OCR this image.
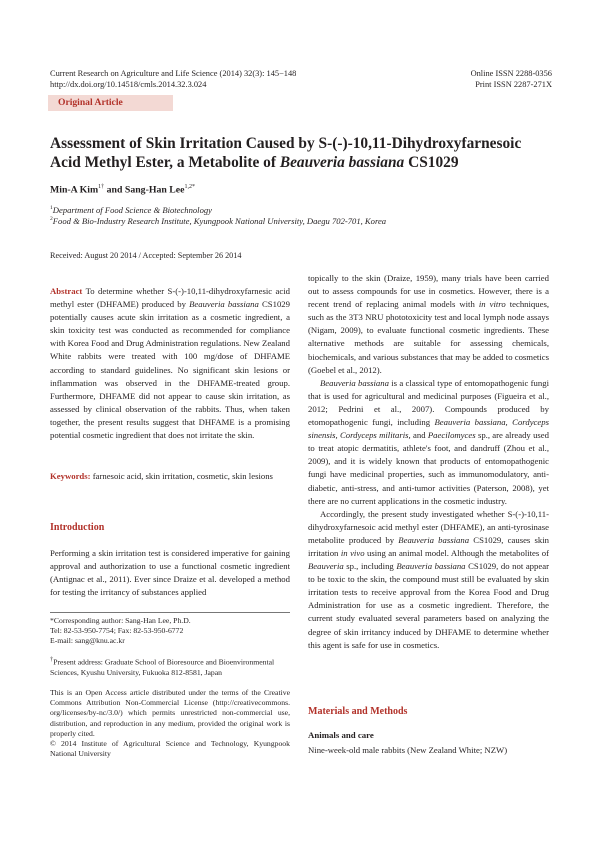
Current Research on Agriculture and Life Science (2014) 32(3): 145−148
http://dx.doi.org/10.14518/cmls.2014.32.3.024
Online ISSN 2288-0356
Print ISSN 2287-271X
Original Article
Assessment of Skin Irritation Caused by S-(-)-10,11-Dihydroxyfarnesoic
Acid Methyl Ester, a Metabolite of Beauveria bassiana CS1029
Min-A Kim$^{1\dagger}$ and Sang-Han Lee$^{1,2*}$
$^1$Department of Food Science & Biotechnology
$^2$Food & Bio-Industry Research Institute, Kyungpook National University, Daegu 702-701, Korea
Received: August 20 2014 / Accepted: September 26 2014

Abstract To determine whether S-(-)-10,11-dihydroxyfarnesic acid methyl ester (DHFAME) produced by Beauveria bassiana CS1029 potentially causes acute skin irritation as a cosmetic ingredient, a skin toxicity test was conducted as recommended for compliance with Korea Food and Drug Administration regulations. New Zealand White rabbits were treated with 100 mg/dose of DHFAME according to standard guidelines. No significant skin lesions or inflammation was observed in the DHFAME-treated group. Furthermore, DHFAME did not appear to cause skin irritation, as assessed by clinical observation of the rabbits. Thus, when taken together, the present results suggest that DHFAME is a promising potential cosmetic ingredient that does not irritate the skin.

Keywords: farnesoic acid, skin irritation, cosmetic, skin lesions

Introduction

Performing a skin irritation test is considered imperative for gaining approval and authorization to use a functional cosmetic ingredient (Antignac et al., 2011). Ever since Draize et al. developed a method for testing the irritancy of substances applied

*Corresponding author: Sang-Han Lee, Ph.D.

Tel: 82-53-950-7754; Fax: 82-53-950-6772

E-mail: sang@knu.ac.kr

†Present address: Graduate School of Bioresource and Bioenvironmental Sciences, Kyushu University, Fukuoka 812-8581, Japan

This is an Open Access article distributed under the terms of the Creative Commons Attribution Non-Commercial License (http://creativecommons. org/licenses/by-nc/3.0/) which permits unrestricted non-commercial use, distribution, and reproduction in any medium, provided the original work is properly cited.

© 2014 Institute of Agricultural Science and Technology, Kyungpook National University

topically to the skin (Draize, 1959), many trials have been carried out to assess compounds for use in cosmetics. However, there is a recent trend of replacing animal models with in vitro techniques, such as the 3T3 NRU phototoxicity test and local lymph node assays (Nigam, 2009), to evaluate functional cosmetic ingredients. These alternative methods are suitable for assessing chemicals, biochemicals, and various substances that may be added to cosmetics (Goebel et al., 2012).

Beauveria bassiana is a classical type of entomopathogenic fungi that is used for agricultural and medicinal purposes (Figueira et al., 2012; Pedrini et al., 2007). Compounds produced by etomopathogenic fungi, including Beauveria bassiana, Cordyceps sinensis, Cordyceps militaris, and Paecilomyces sp., are already used to treat atopic dermatitis, athlete's foot, and dandruff (Zhou et al., 2009), and it is widely known that products of entomopathogenic fungi have medicinal properties, such as immunomodulatory, anti-diabetic, anti-stress, and anti-tumor activities (Paterson, 2008), yet there are no current applications in the cosmetic industry.

Accordingly, the present study investigated whether S-(-)-10,11-dihydroxyfarnesoic acid methyl ester (DHFAME), an anti-tyrosinase metabolite produced by Beauveria bassiana CS1029, causes skin irritation in vivo using an animal model. Although the metabolites of Beauveria sp., including Beauveria bassiana CS1029, do not appear to be toxic to the skin, the compound must still be evaluated by skin irritation tests to receive approval from the Korea Food and Drug Administration for use as a cosmetic ingredient. Therefore, the current study evaluated several parameters based on analyzing the degree of skin irritancy induced by DHFAME to determine whether this agent is safe for use in cosmetics.

Materials and Methods
Animals and care

Nine-week-old male rabbits (New Zealand White; NZW)
